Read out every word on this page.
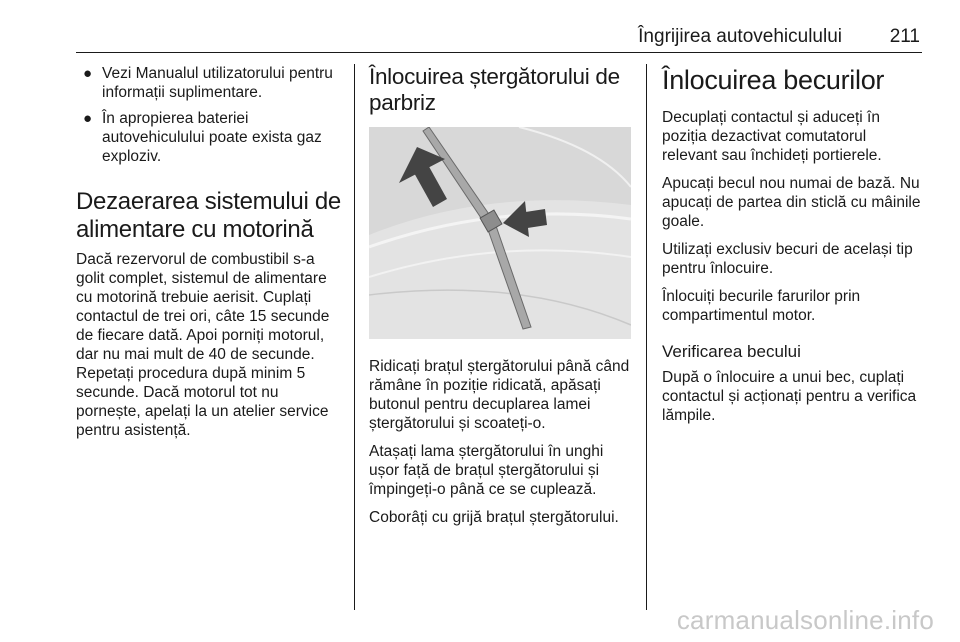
Îngrijirea autovehiculului	211
● Vezi Manualul utilizatorului pentru informații suplimentare.
● În apropierea bateriei autovehiculului poate exista gaz exploziv.
Dezaerarea sistemului de alimentare cu motorină

Dacă rezervorul de combustibil s-a golit complet, sistemul de alimentare cu motorină trebuie aerisit. Cuplați contactul de trei ori, câte 15 secunde de fiecare dată. Apoi porniți motorul, dar nu mai mult de 40 de secunde. Repetați procedura după minim 5 secunde. Dacă motorul tot nu pornește, apelați la un atelier service pentru asistență.

Înlocuirea ștergătorului de parbriz

Ridicați brațul ștergătorului până când rămâne în poziție ridicată, apăsați butonul pentru decuplarea lamei ștergătorului și scoateți-o.

Atașați lama ștergătorului în unghi ușor față de brațul ștergătorului și împingeți-o până ce se cuplează.

Coborâți cu grijă brațul ștergătorului.

Înlocuirea becurilor

Decuplați contactul și aduceți în poziția dezactivat comutatorul relevant sau închideți portierele.

Apucați becul nou numai de bază. Nu apucați de partea din sticlă cu mâinile goale.

Utilizați exclusiv becuri de același tip pentru înlocuire.

Înlocuiți becurile farurilor prin compartimentul motor.

Verificarea becului

După o înlocuire a unui bec, cuplați contactul și acționați pentru a verifica lămpile.

carmanualsonline.info
